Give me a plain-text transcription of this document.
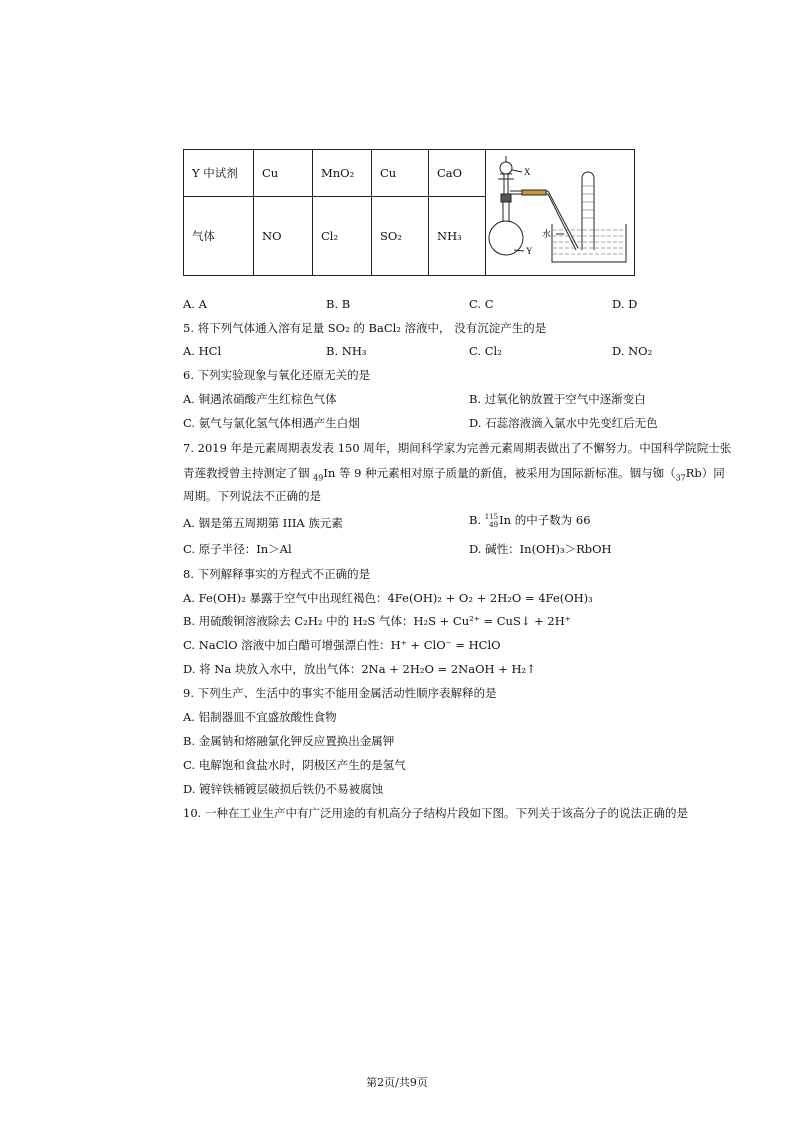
Y 中试剂	Cu	MnO₂	Cu	CaO	X
Y
水

气体	NO	Cl₂	SO₂	NH₃	
A. A	B. B	C. C	D. D
5. 将下列气体通入溶有足量 SO₂ 的 BaCl₂ 溶液中， 没有沉淀产生的是
A. HCl	B. NH₃	C. Cl₂	D. NO₂
6. 下列实验现象与氧化还原无关的是
A. 铜遇浓硝酸产生红棕色气体	B. 过氧化钠放置于空气中逐渐变白
C. 氨气与氯化氢气体相遇产生白烟	D. 石蕊溶液滴入氯水中先变红后无色
7. 2019 年是元素周期表发表 150 周年，期间科学家为完善元素周期表做出了不懈努力。中国科学院院士张
青莲教授曾主持测定了铟 $_{49}$In 等 9 种元素相对原子质量的新值，被采用为国际新标准。铟与铷$(_{37}Rb)$同
周期。下列说法不正确的是
A. 铟是第五周期第 IIIA 族元素	B. 115
49In 的中子数为 66
C. 原子半径：In＞Al	D. 碱性：In(OH)₃＞RbOH
8. 下列解释事实的方程式不正确的是
A. Fe(OH)₂ 暴露于空气中出现红褐色：4Fe(OH)₂ + O₂ + 2H₂O = 4Fe(OH)₃
B. 用硫酸铜溶液除去 C₂H₂ 中的 H₂S 气体：H₂S + Cu²⁺ = CuS↓ + 2H⁺
C. NaClO 溶液中加白醋可增强漂白性：H⁺ + ClO⁻ = HClO
D. 将 Na 块放入水中，放出气体：2Na + 2H₂O = 2NaOH + H₂↑
9. 下列生产、生活中的事实不能用金属活动性顺序表解释的是
A. 铝制器皿不宜盛放酸性食物
B. 金属钠和熔融氯化钾反应置换出金属钾
C. 电解饱和食盐水时，阴极区产生的是氢气
D. 镀锌铁桶镀层破损后铁仍不易被腐蚀
10. 一种在工业生产中有广泛用途的有机高分子结构片段如下图。下列关于该高分子的说法正确的是
第2页/共9页
